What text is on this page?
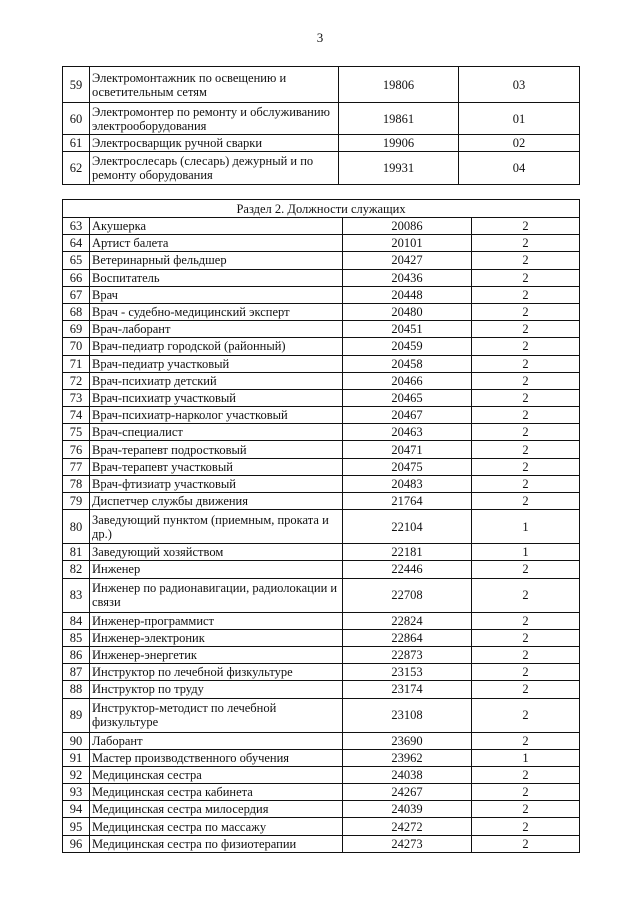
3
59	Электромонтажник по освещению и осветительным сетям	19806	03
60	Электромонтер по ремонту и обслуживанию электрооборудования	19861	01
61	Электросварщик ручной сварки	19906	02
62	Электрослесарь (слесарь) дежурный и по ремонту оборудования	19931	04
Раздел 2. Должности служащих			
63	Акушерка	20086	2
64	Артист балета	20101	2
65	Ветеринарный фельдшер	20427	2
66	Воспитатель	20436	2
67	Врач	20448	2
68	Врач - судебно-медицинский эксперт	20480	2
69	Врач-лаборант	20451	2
70	Врач-педиатр городской (районный)	20459	2
71	Врач-педиатр участковый	20458	2
72	Врач-психиатр детский	20466	2
73	Врач-психиатр участковый	20465	2
74	Врач-психиатр-нарколог участковый	20467	2
75	Врач-специалист	20463	2
76	Врач-терапевт подростковый	20471	2
77	Врач-терапевт участковый	20475	2
78	Врач-фтизиатр участковый	20483	2
79	Диспетчер службы движения	21764	2
80	Заведующий пунктом (приемным, проката и др.)	22104	1
81	Заведующий хозяйством	22181	1
82	Инженер	22446	2
83	Инженер по радионавигации, радиолокации и связи	22708	2
84	Инженер-программист	22824	2
85	Инженер-электроник	22864	2
86	Инженер-энергетик	22873	2
87	Инструктор по лечебной физкультуре	23153	2
88	Инструктор по труду	23174	2
89	Инструктор-методист по лечебной физкультуре	23108	2
90	Лаборант	23690	2
91	Мастер производственного обучения	23962	1
92	Медицинская сестра	24038	2
93	Медицинская сестра кабинета	24267	2
94	Медицинская сестра милосердия	24039	2
95	Медицинская сестра по массажу	24272	2
96	Медицинская сестра по физиотерапии	24273	2
